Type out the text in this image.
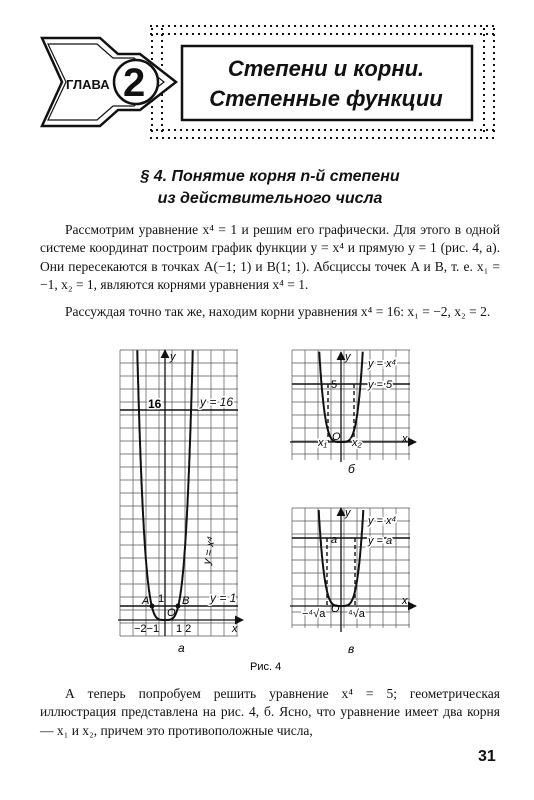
ГЛАВА 2	Степени и корни.
Степенные функции
§ 4. Понятие корня n-й степени
из действительного числа

Рассмотрим уравнение x⁴ = 1 и решим его графически. Для этого в одной системе координат построим график функции y = x⁴ и прямую y = 1 (рис. 4, а). Они пересекаются в точках A(−1; 1) и B(1; 1). Абсциссы точек A и B, т. е. x₁ = −1, x₂ = 1, являются корнями уравнения x⁴ = 1.

Рассуждая точно так же, находим корни уравнения x⁴ = 16: x₁ = −2, x₂ = 2.

y
x
y = 16
y = 1
16
1
A	B
O
−2−1 1 2
y = x⁴
а
y
x
y = x⁴
y = 5
5
x₁ O x₂
б
y
x
y = x⁴
y = a
a
−⁴√a O ⁴√a
в
Рис. 4

А теперь попробуем решить уравнение x⁴ = 5; геометрическая иллюстрация представлена на рис. 4, б. Ясно, что уравнение имеет два корня — x₁ и x₂, причем это противоположные числа,

31
